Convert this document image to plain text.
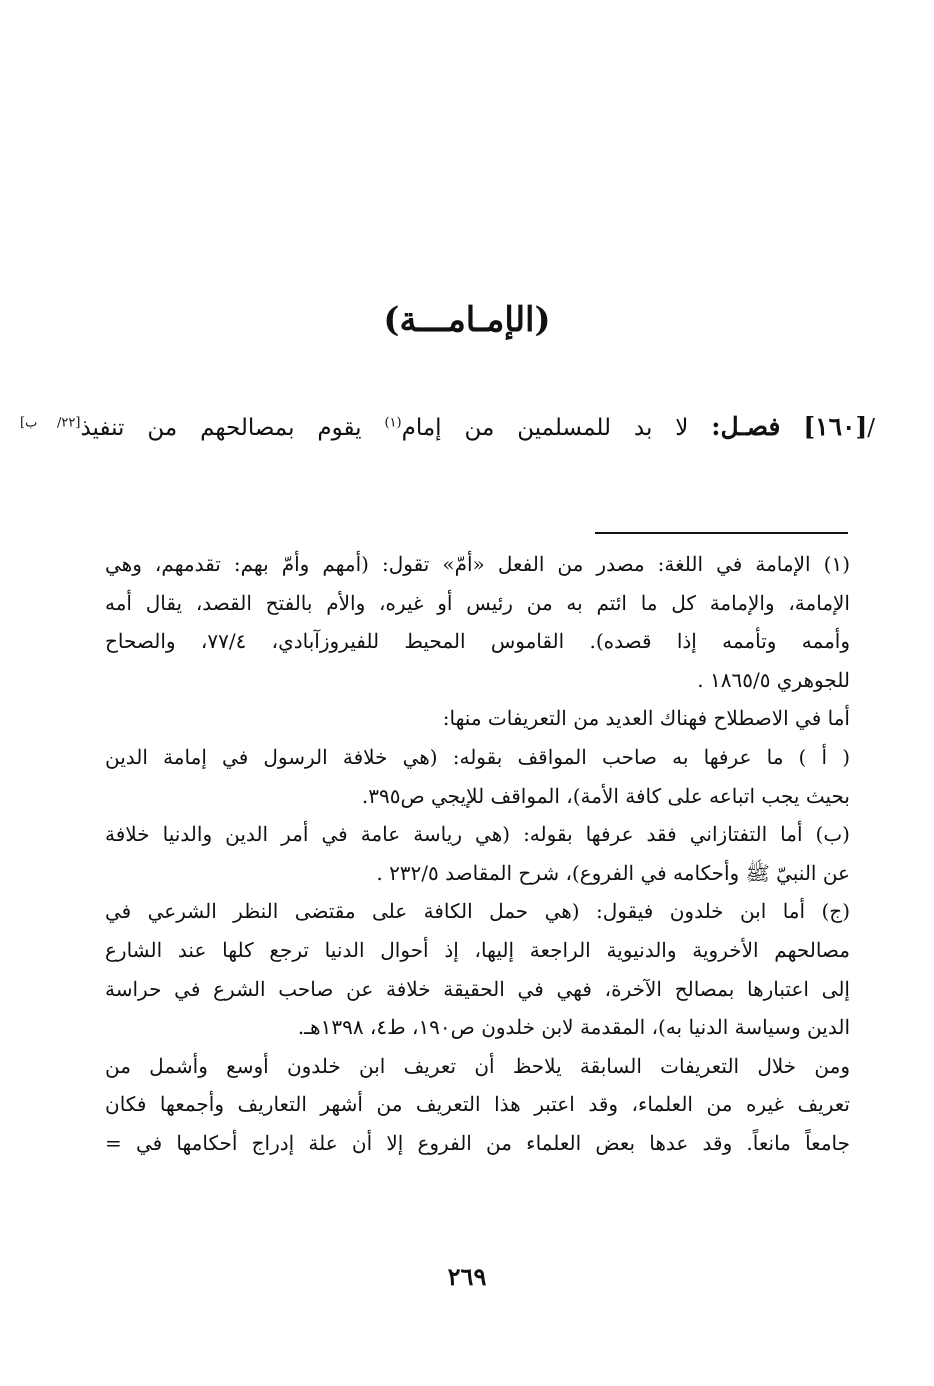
(الإمـامـــة)
/[١٦٠] فصـل: لا بد للمسلمين من إمام$^{(١)}$ يقوم بمصالحهم من تنفيذ[٢٢/ ب]
(١) الإمامة في اللغة: مصدر من الفعل «أمّ» تقول: (أمهم وأمّ بهم: تقدمهم، وهي
الإمامة، والإمامة كل ما ائتم به من رئيس أو غيره، والأم بالفتح القصد، يقال أمه
وأممه وتأممه إذا قصده). القاموس المحيط للفيروزآبادي، ٧٧/٤، والصحاح
للجوهري ١٨٦٥/٥ .
أما في الاصطلاح فهناك العديد من التعريفات منها:
( أ ) ما عرفها به صاحب المواقف بقوله: (هي خلافة الرسول في إمامة الدين
بحيث يجب اتباعه على كافة الأمة)، المواقف للإيجي ص٣٩٥.
(ب) أما التفتازاني فقد عرفها بقوله: (هي رياسة عامة في أمر الدين والدنيا خلافة
عن النبيّ ﷺ وأحكامه في الفروع)، شرح المقاصد ٢٣٢/٥ .
(ج) أما ابن خلدون فيقول: (هي حمل الكافة على مقتضى النظر الشرعي في
مصالحهم الأخروية والدنيوية الراجعة إليها، إذ أحوال الدنيا ترجع كلها عند الشارع
إلى اعتبارها بمصالح الآخرة، فهي في الحقيقة خلافة عن صاحب الشرع في حراسة
الدين وسياسة الدنيا به)، المقدمة لابن خلدون ص١٩٠، ط٤، ١٣٩٨هـ.
ومن خلال التعريفات السابقة يلاحظ أن تعريف ابن خلدون أوسع وأشمل من
تعريف غيره من العلماء، وقد اعتبر هذا التعريف من أشهر التعاريف وأجمعها فكان
جامعاً مانعاً. وقد عدها بعض العلماء من الفروع إلا أن علة إدراج أحكامها في =
٢٦٩
